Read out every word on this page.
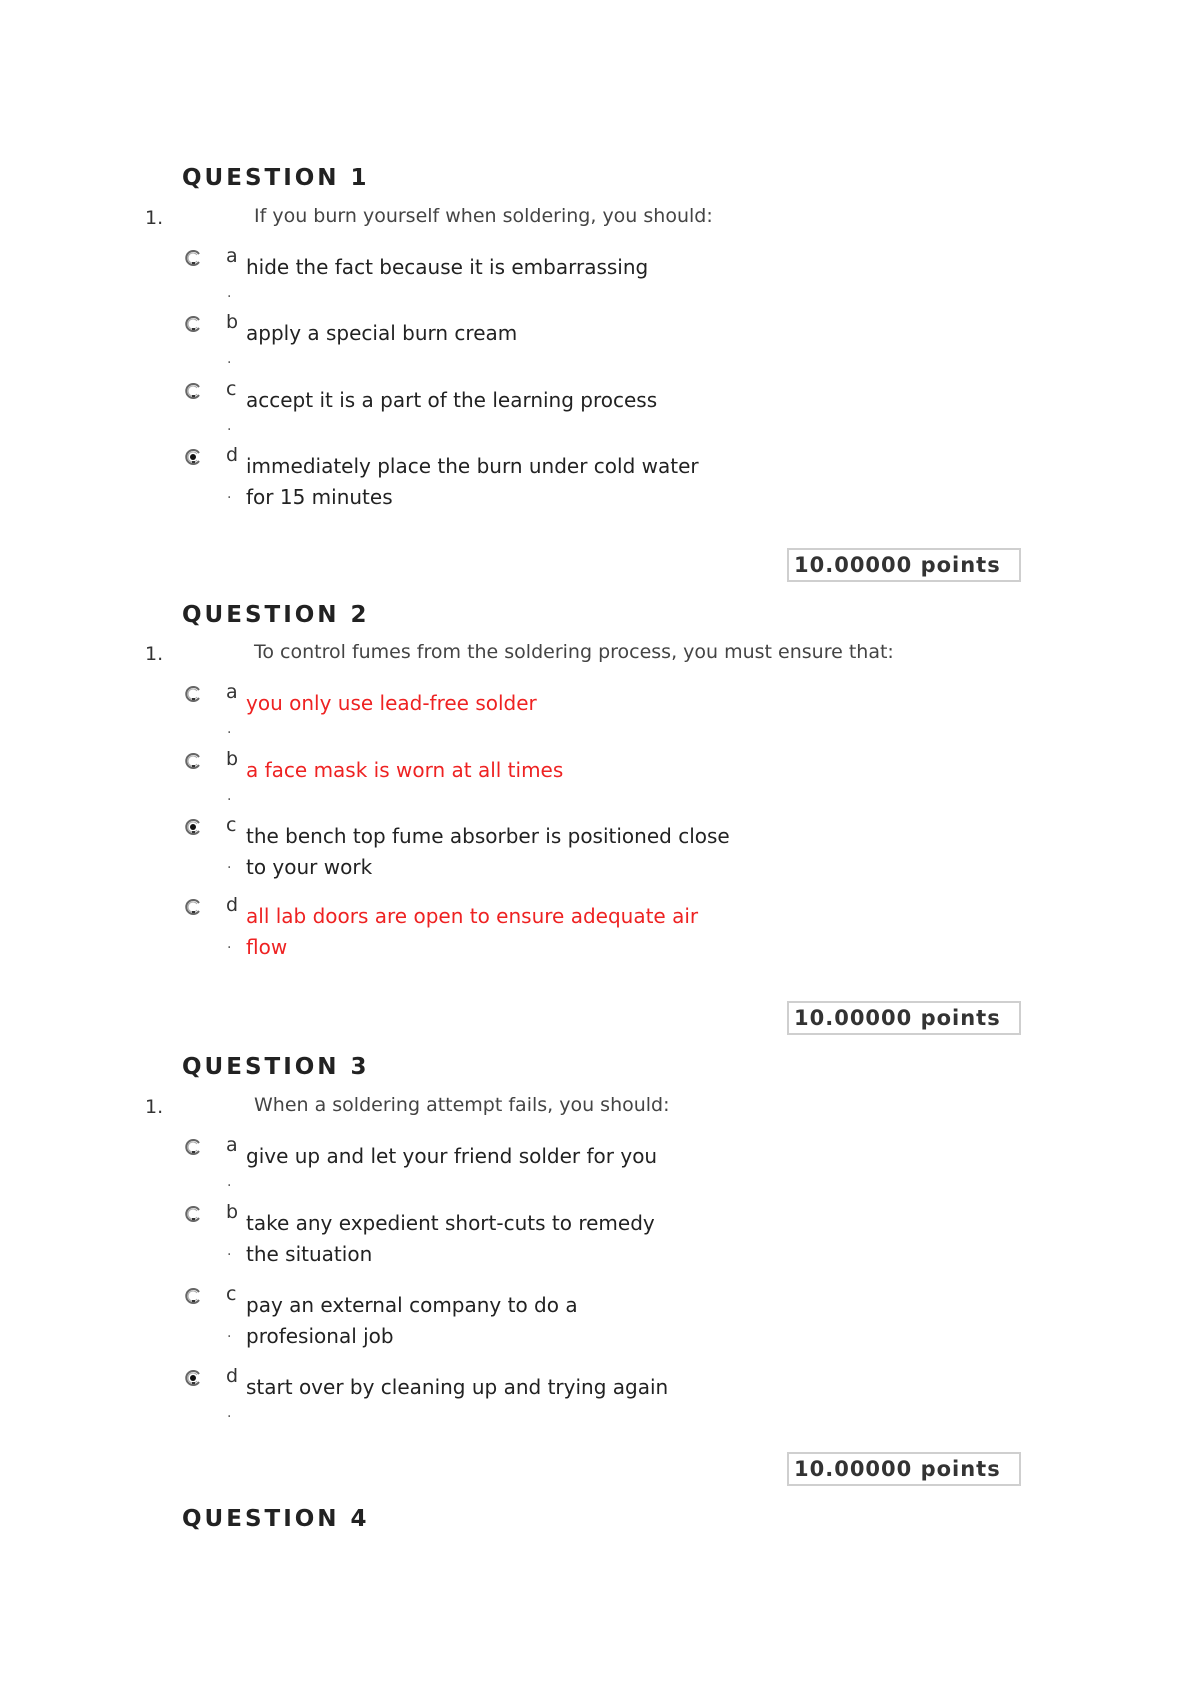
QUESTION 1
1.	If you burn yourself when soldering, you should:
a
·
hide the fact because it is embarrassing
b
·
apply a special burn cream
c
·
accept it is a part of the learning process
d
·
immediately place the burn under cold water
for 15 minutes
10.00000 points
QUESTION 2
1.	To control fumes from the soldering process, you must ensure that:
a
·
you only use lead-free solder
b
·
a face mask is worn at all times
c
·
the bench top fume absorber is positioned close
to your work
d
·
all lab doors are open to ensure adequate air
flow
10.00000 points
QUESTION 3
1.	When a soldering attempt fails, you should:
a
·
give up and let your friend solder for you
b
·
take any expedient short-cuts to remedy
the situation
c
·
pay an external company to do a
profesional job
d
·
start over by cleaning up and trying again
10.00000 points
QUESTION 4
